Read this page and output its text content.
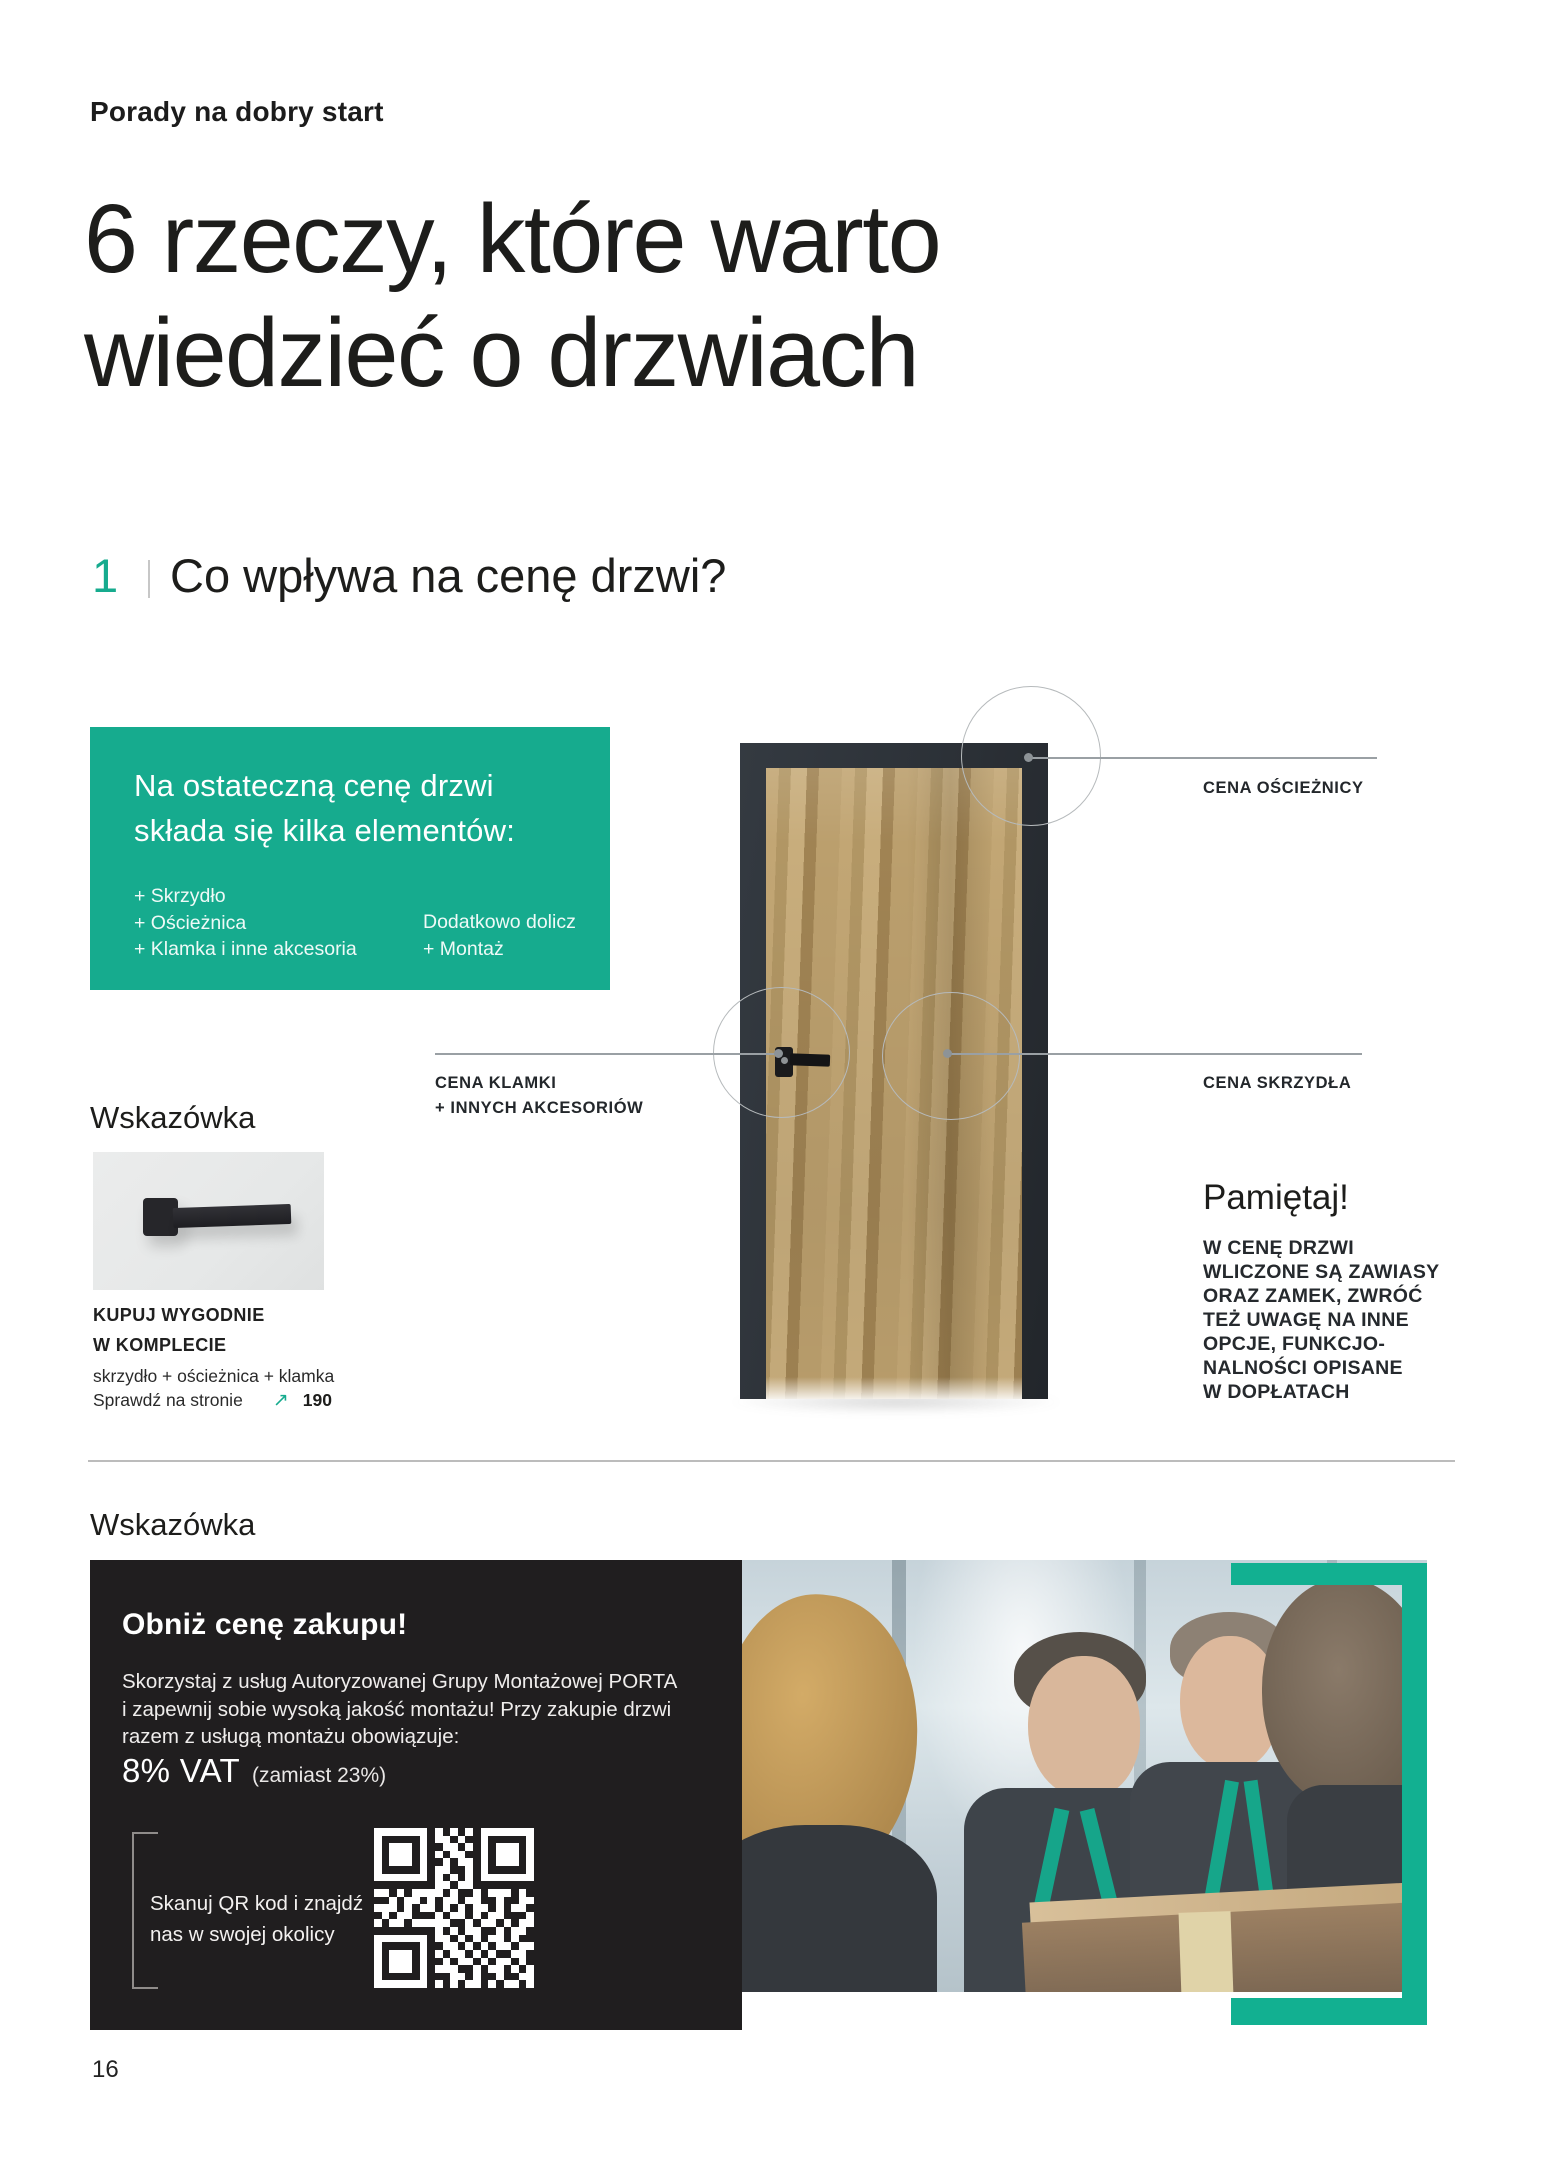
Porady na dobry start
6 rzeczy, które warto
wiedzieć o drzwiach
1 Co wpływa na cenę drzwi?
Na ostateczną cenę drzwi
składa się kilka elementów:
+ Skrzydło
+ Ościeżnica
+ Klamka i inne akcesoria
Dodatkowo dolicz
+ Montaż
CENA OŚCIEŻNICY
CENA SKRZYDŁA
CENA KLAMKI
+ INNYCH AKCESORIÓW
Wskazówka
KUPUJ WYGODNIE
W KOMPLECIE
skrzydło + ościeżnica + klamka
Sprawdź na stronie ↗ 190
Pamiętaj!
W CENĘ DRZWI
WLICZONE SĄ ZAWIASY
ORAZ ZAMEK, ZWRÓĆ
TEŻ UWAGĘ NA INNE
OPCJE, FUNKCJO-
NALNOŚCI OPISANE
W DOPŁATACH
Wskazówka
Obniż cenę zakupu!
Skorzystaj z usług Autoryzowanej Grupy Montażowej PORTA
i zapewnij sobie wysoką jakość montażu! Przy zakupie drzwi
razem z usługą montażu obowiązuje:
8% VAT (zamiast 23%)
Skanuj QR kod i znajdź
nas w swojej okolicy
16
